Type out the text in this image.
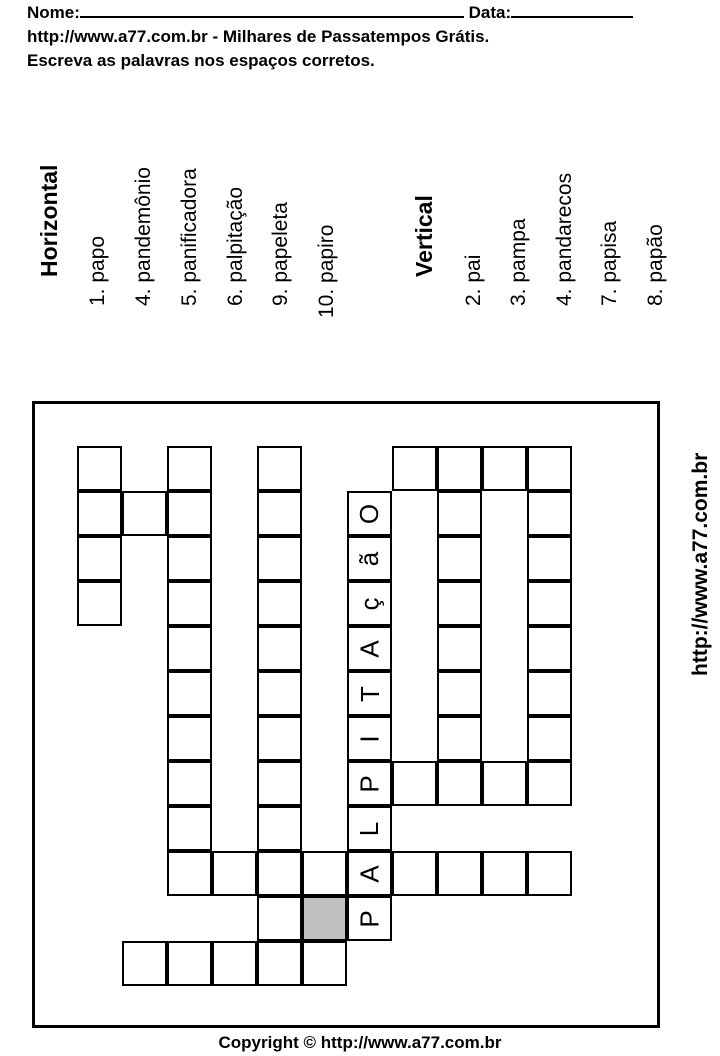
Nome:	Data:
http://www.a77.com.br - Milhares de Passatempos Grátis.
Escreva as palavras nos espaços corretos.
Horizontal	Vertical
1. papo 4. pandemônio 5. panificadora 6. palpitação 9. papeleta 10. papiro	2. pai 3. pampa 4. pandarecos 7. papisa 8. papão
http://www.a77.com.br
O
ã
ç
A
T
I
P
L
A
P
Copyright © http://www.a77.com.br
